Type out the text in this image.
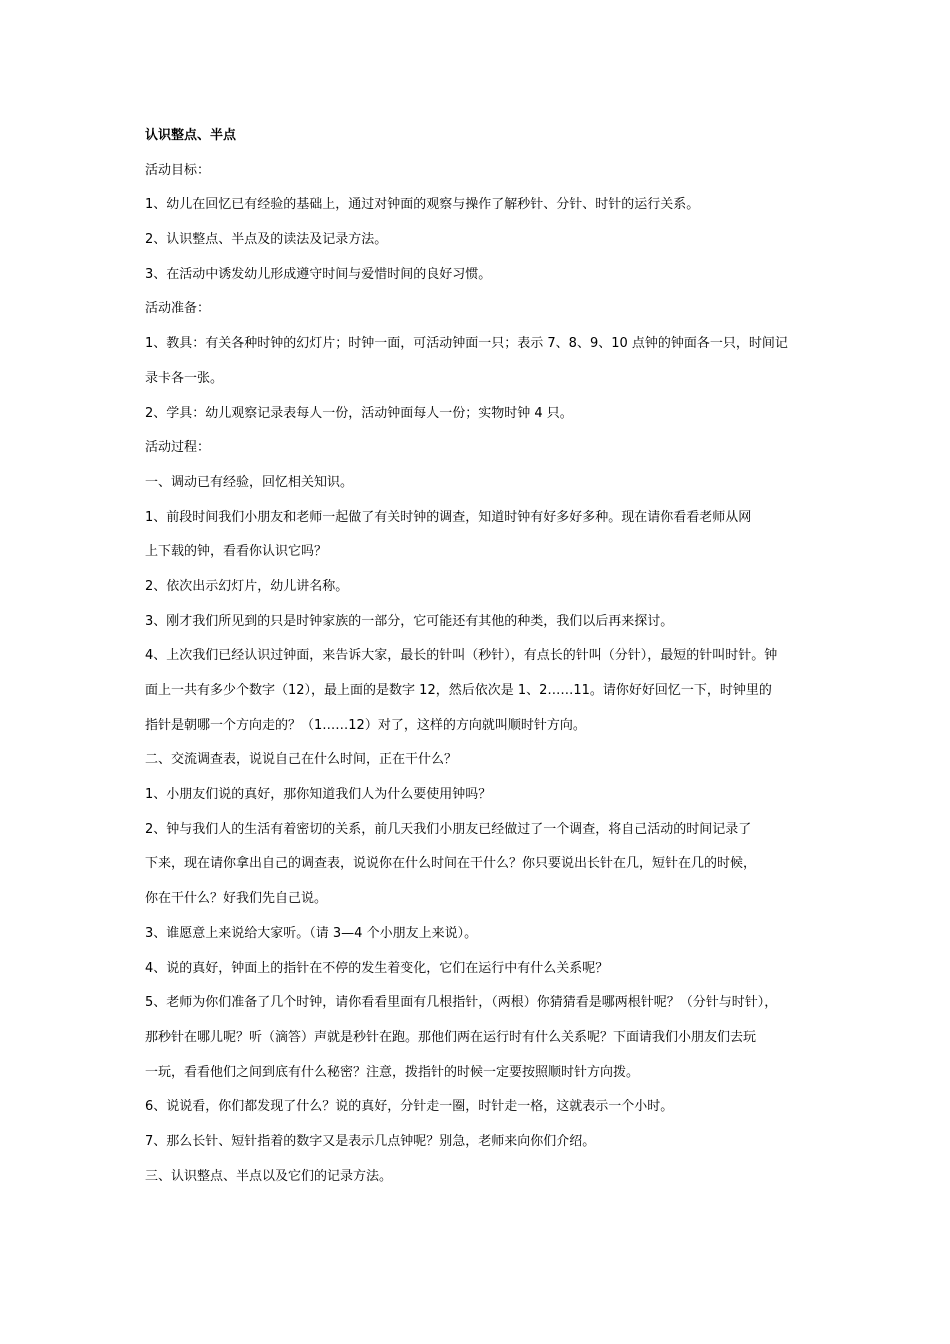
认识整点、半点

活动目标：

1、幼儿在回忆已有经验的基础上，通过对钟面的观察与操作了解秒针、分针、时针的运行关系。

2、认识整点、半点及的读法及记录方法。

3、在活动中诱发幼儿形成遵守时间与爱惜时间的良好习惯。

活动准备：

1、教具：有关各种时钟的幻灯片；时钟一面，可活动钟面一只；表示 7、8、9、10 点钟的钟面各一只，时间记

录卡各一张。

2、学具：幼儿观察记录表每人一份，活动钟面每人一份；实物时钟 4 只。

活动过程：

一、调动已有经验，回忆相关知识。

1、前段时间我们小朋友和老师一起做了有关时钟的调查，知道时钟有好多好多种。现在请你看看老师从网

上下载的钟，看看你认识它吗？

2、依次出示幻灯片，幼儿讲名称。

3、刚才我们所见到的只是时钟家族的一部分，它可能还有其他的种类，我们以后再来探讨。

4、上次我们已经认识过钟面，来告诉大家，最长的针叫（秒针），有点长的针叫（分针），最短的针叫时针。钟

面上一共有多少个数字（12），最上面的是数字 12，然后依次是 1、2……11。请你好好回忆一下，时钟里的

指针是朝哪一个方向走的？（1……12）对了，这样的方向就叫顺时针方向。

二、交流调查表，说说自己在什么时间，正在干什么？

1、小朋友们说的真好，那你知道我们人为什么要使用钟吗？

2、钟与我们人的生活有着密切的关系，前几天我们小朋友已经做过了一个调查，将自己活动的时间记录了

下来，现在请你拿出自己的调查表，说说你在什么时间在干什么？你只要说出长针在几，短针在几的时候，

你在干什么？好我们先自己说。

3、谁愿意上来说给大家听。（请 3—4 个小朋友上来说）。

4、说的真好，钟面上的指针在不停的发生着变化，它们在运行中有什么关系呢？

5、老师为你们准备了几个时钟，请你看看里面有几根指针，（两根）你猜猜看是哪两根针呢？（分针与时针），

那秒针在哪儿呢？听（滴答）声就是秒针在跑。那他们两在运行时有什么关系呢？下面请我们小朋友们去玩

一玩，看看他们之间到底有什么秘密？注意，拨指针的时候一定要按照顺时针方向拨。

6、说说看，你们都发现了什么？说的真好，分针走一圈，时针走一格，这就表示一个小时。

7、那么长针、短针指着的数字又是表示几点钟呢？别急，老师来向你们介绍。

三、认识整点、半点以及它们的记录方法。
